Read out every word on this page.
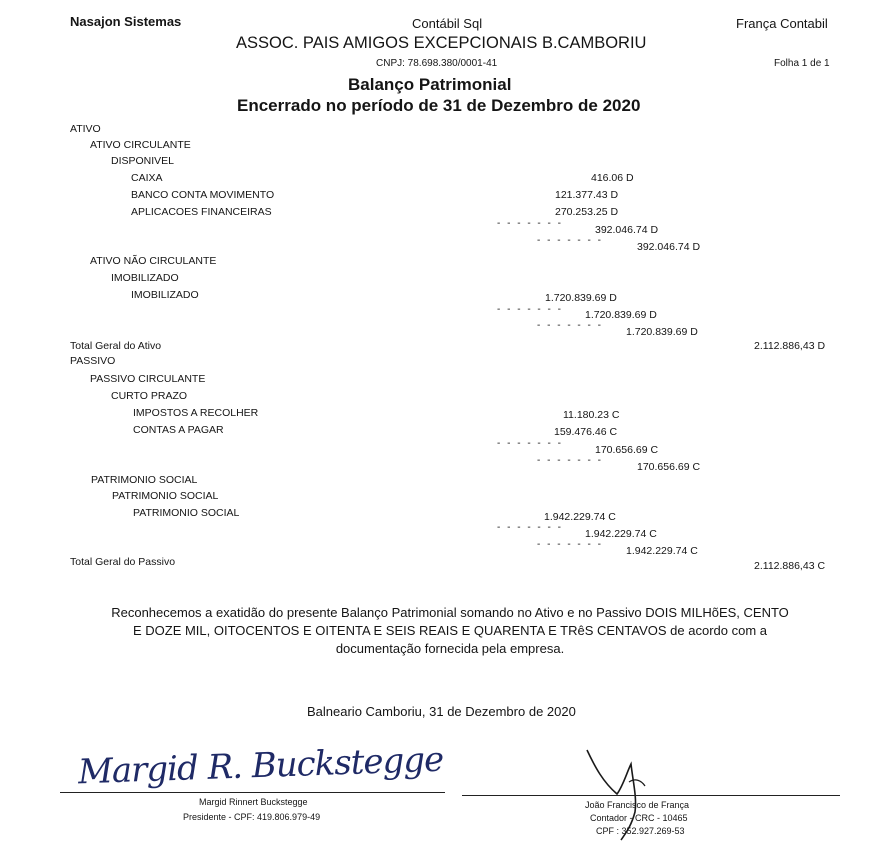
Nasajon Sistemas	Contábil Sql	França Contabil
ASSOC. PAIS AMIGOS EXCEPCIONAIS B.CAMBORIU
CNPJ: 78.698.380/0001-41	Folha 1 de 1
Balanço Patrimonial
Encerrado no período de 31 de Dezembro de 2020
ATIVO
ATIVO CIRCULANTE
DISPONIVEL
CAIXA	416.06 D
BANCO CONTA MOVIMENTO	121.377.43 D
APLICACOES FINANCEIRAS	270.253.25 D
- - - - - - -
392.046.74 D
- - - - - - -
392.046.74 D
ATIVO NÃO CIRCULANTE
IMOBILIZADO
IMOBILIZADO	1.720.839.69 D
- - - - - - - 1.720.839.69 D
- - - - - - -
1.720.839.69 D
Total Geral do Ativo	2.112.886,43 D
PASSIVO
PASSIVO CIRCULANTE
CURTO PRAZO
IMPOSTOS A RECOLHER	11.180.23 C
CONTAS A PAGAR	159.476.46 C
- - - - - - -
170.656.69 C
- - - - - - -
170.656.69 C
PATRIMONIO SOCIAL
PATRIMONIO SOCIAL
PATRIMONIO SOCIAL	1.942.229.74 C
- - - - - - -
1.942.229.74 C
- - - - - - -
1.942.229.74 C
Total Geral do Passivo	2.112.886,43 C
Reconhecemos a exatidão do presente Balanço Patrimonial somando no Ativo e no Passivo DOIS MILHõES, CENTO
E DOZE MIL, OITOCENTOS E OITENTA E SEIS REAIS E QUARENTA E TRêS CENTAVOS de acordo com a
documentação fornecida pela empresa.
Balneario Camboriu, 31 de Dezembro de 2020
Margid R. Buckstegge
Margid Rinnert Buckstegge
Presidente - CPF: 419.806.979-49
João Francisco de França
Contador - CRC - 10465
CPF : 352.927.269-53
